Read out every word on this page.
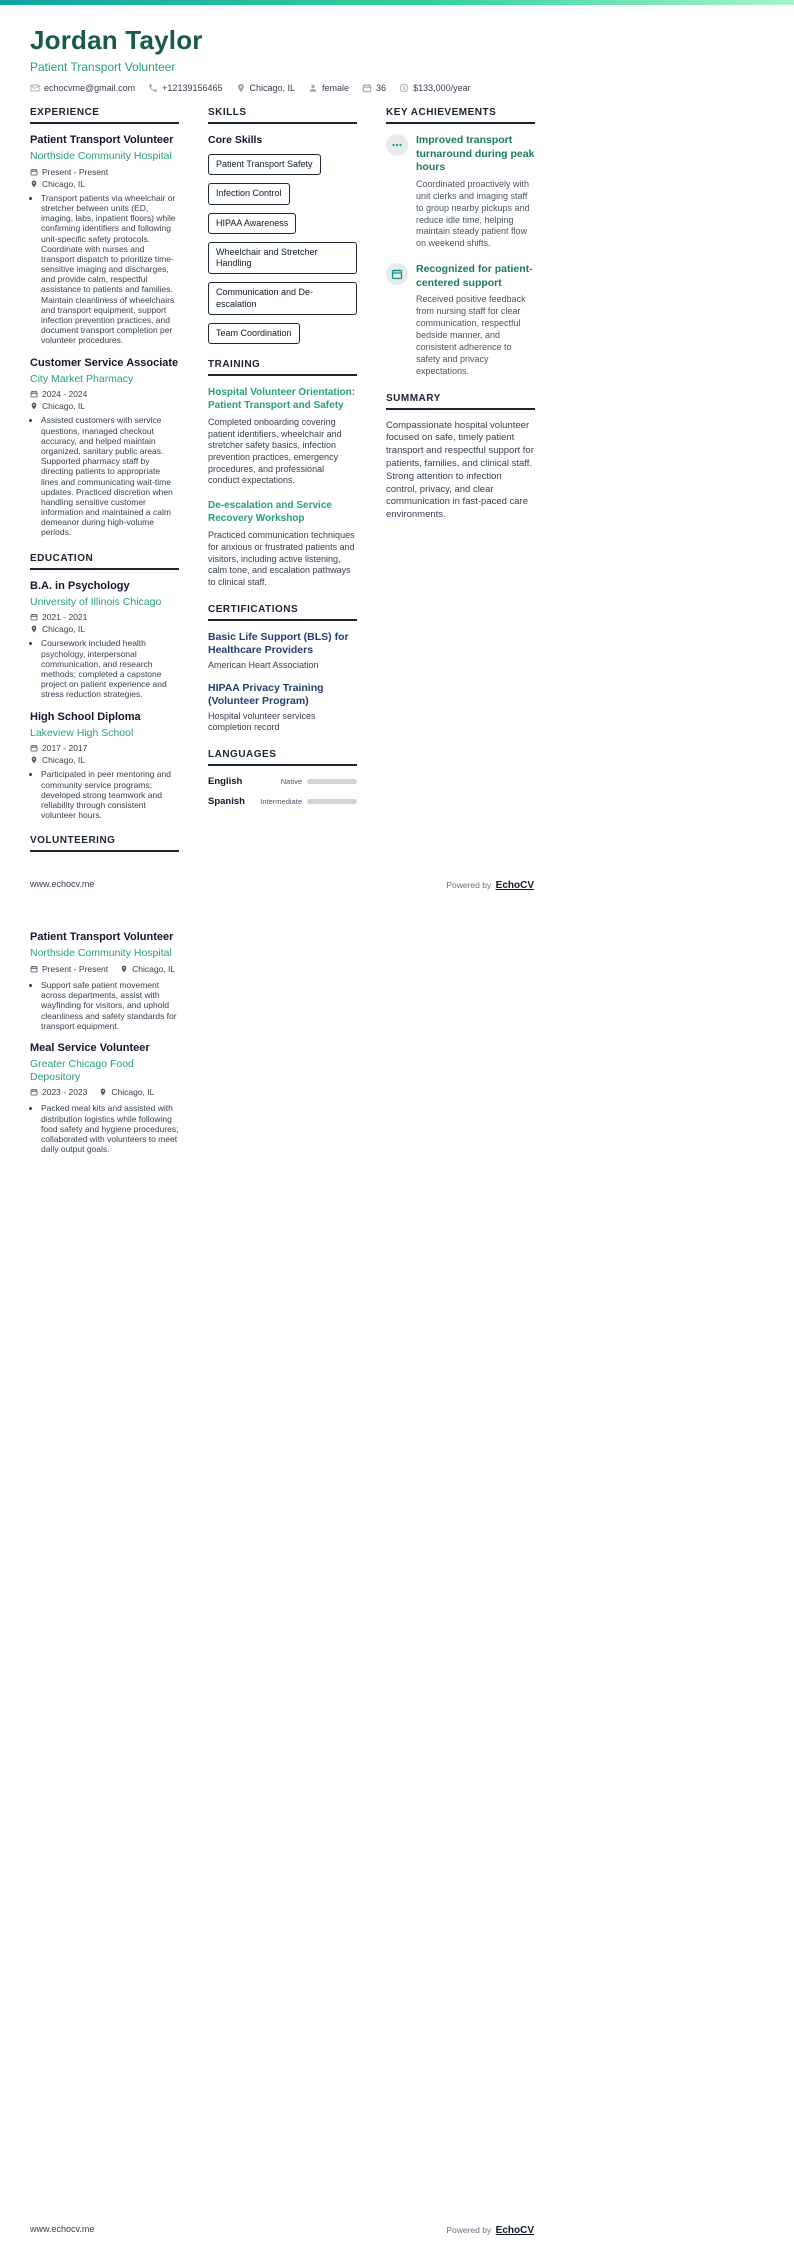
Jordan Taylor
Patient Transport Volunteer
echocvme@gmail.com	+12139156465	Chicago, IL	female	36 $ $133,000/year
EXPERIENCE
Patient Transport Volunteer
Northside Community Hospital
Present - Present
Chicago, IL
• Transport patients via wheelchair or stretcher between units (ED, imaging, labs, inpatient floors) while confirming identifiers and following unit-specific safety protocols. Coordinate with nurses and transport dispatch to prioritize time-sensitive imaging and discharges, and provide calm, respectful assistance to patients and families. Maintain cleanliness of wheelchairs and transport equipment, support infection prevention practices, and document transport completion per volunteer procedures.
Customer Service Associate
City Market Pharmacy
2024 - 2024
Chicago, IL
• Assisted customers with service questions, managed checkout accuracy, and helped maintain organized, sanitary public areas. Supported pharmacy staff by directing patients to appropriate lines and communicating wait-time updates. Practiced discretion when handling sensitive customer information and maintained a calm demeanor during high-volume periods.
EDUCATION
B.A. in Psychology
University of Illinois Chicago
2021 - 2021
Chicago, IL
• Coursework included health psychology, interpersonal communication, and research methods; completed a capstone project on patient experience and stress reduction strategies.
High School Diploma
Lakeview High School
2017 - 2017
Chicago, IL
• Participated in peer mentoring and community service programs; developed strong teamwork and reliability through consistent volunteer hours.
VOLUNTEERING
SKILLS
Core Skills
Patient Transport Safety
Infection Control
HIPAA Awareness
Wheelchair and Stretcher Handling
Communication and De-escalation
Team Coordination
TRAINING
Hospital Volunteer Orientation: Patient Transport and Safety
Completed onboarding covering patient identifiers, wheelchair and stretcher safety basics, infection prevention practices, emergency procedures, and professional conduct expectations.
De-escalation and Service Recovery Workshop
Practiced communication techniques for anxious or frustrated patients and visitors, including active listening, calm tone, and escalation pathways to clinical staff.
CERTIFICATIONS
Basic Life Support (BLS) for Healthcare Providers
American Heart Association
HIPAA Privacy Training (Volunteer Program)
Hospital volunteer services completion record
LANGUAGES
English	Native
Spanish Intermediate
KEY ACHIEVEMENTS
Improved transport turnaround during peak hours
Coordinated proactively with unit clerks and imaging staff to group nearby pickups and reduce idle time, helping maintain steady patient flow on weekend shifts.
Recognized for patient-centered support
Received positive feedback from nursing staff for clear communication, respectful bedside manner, and consistent adherence to safety and privacy expectations.
SUMMARY
Compassionate hospital volunteer focused on safe, timely patient transport and respectful support for patients, families, and clinical staff. Strong attention to infection control, privacy, and clear communication in fast-paced care environments.
www.echocv.me	Powered by EchoCV
Patient Transport Volunteer
Northside Community Hospital
Present - Present	Chicago, IL
• Support safe patient movement across departments, assist with wayfinding for visitors, and uphold cleanliness and safety standards for transport equipment.
Meal Service Volunteer
Greater Chicago Food Depository
2023 - 2023	Chicago, IL
• Packed meal kits and assisted with distribution logistics while following food safety and hygiene procedures; collaborated with volunteers to meet daily output goals.
www.echocv.me	Powered by EchoCV
